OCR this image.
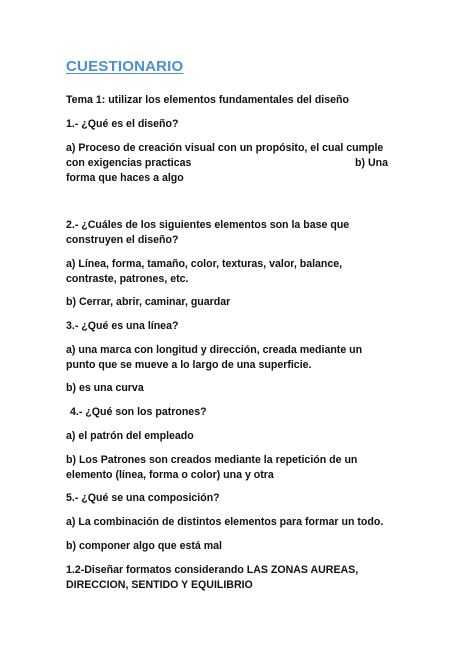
CUESTIONARIO
Tema 1: utilizar los elementos fundamentales del diseño
1.- ¿Qué es el diseño?
a) Proceso de creación visual con un propósito, el cual cumple
con exigencias practicas	b) Una
forma que haces a algo
2.- ¿Cuáles de los siguientes elementos son la base que
construyen el diseño?
a) Línea, forma, tamaño, color, texturas, valor, balance,
contraste, patrones, etc.
b) Cerrar, abrir, caminar, guardar
3.- ¿Qué es una línea?
a) una marca con longitud y dirección, creada mediante un
punto que se mueve a lo largo de una superficie.
b) es una curva
4.- ¿Qué son los patrones?
a) el patrón del empleado
b) Los Patrones son creados mediante la repetición de un
elemento (línea, forma o color) una y otra
5.- ¿Qué se una composición?
a) La combinación de distintos elementos para formar un todo.
b) componer algo que está mal
1.2-Diseñar formatos considerando LAS ZONAS AUREAS,
DIRECCION, SENTIDO Y EQUILIBRIO
